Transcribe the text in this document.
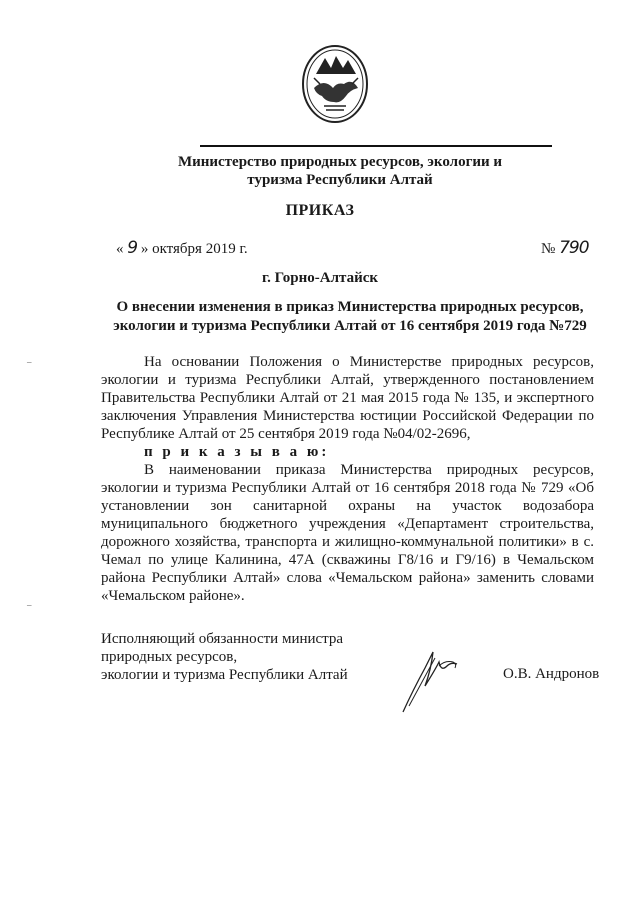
Министерство природных ресурсов, экологии и
туризма Республики Алтай
ПРИКАЗ
« 9 » октября 2019 г.	№ 790
г. Горно-Алтайск
О внесении изменения в приказ Министерства природных ресурсов,
экологии и туризма Республики Алтай от 16 сентября 2019 года №729
–
–

На основании Положения о Министерстве природных ресурсов, экологии и туризма Республики Алтай, утвержденного постановлением Правительства Республики Алтай от 21 мая 2015 года № 135, и экспертного заключения Управления Министерства юстиции Российской Федерации по Республике Алтай от 25 сентября 2019 года №04/02-2696,

п р и к а з ы в а ю:

В наименовании приказа Министерства природных ресурсов, экологии и туризма Республики Алтай от 16 сентября 2018 года № 729 «Об установлении зон санитарной охраны на участок водозабора муниципального бюджетного учреждения «Департамент строительства, дорожного хозяйства, транспорта и жилищно-коммунальной политики» в с. Чемал по улице Калинина, 47А (скважины Г8/16 и Г9/16) в Чемальском района Республики Алтай» слова «Чемальском района» заменить словами «Чемальском районе».

Исполняющий обязанности министра
природных ресурсов,
экологии и туризма Республики Алтай	О.В. Андронов
